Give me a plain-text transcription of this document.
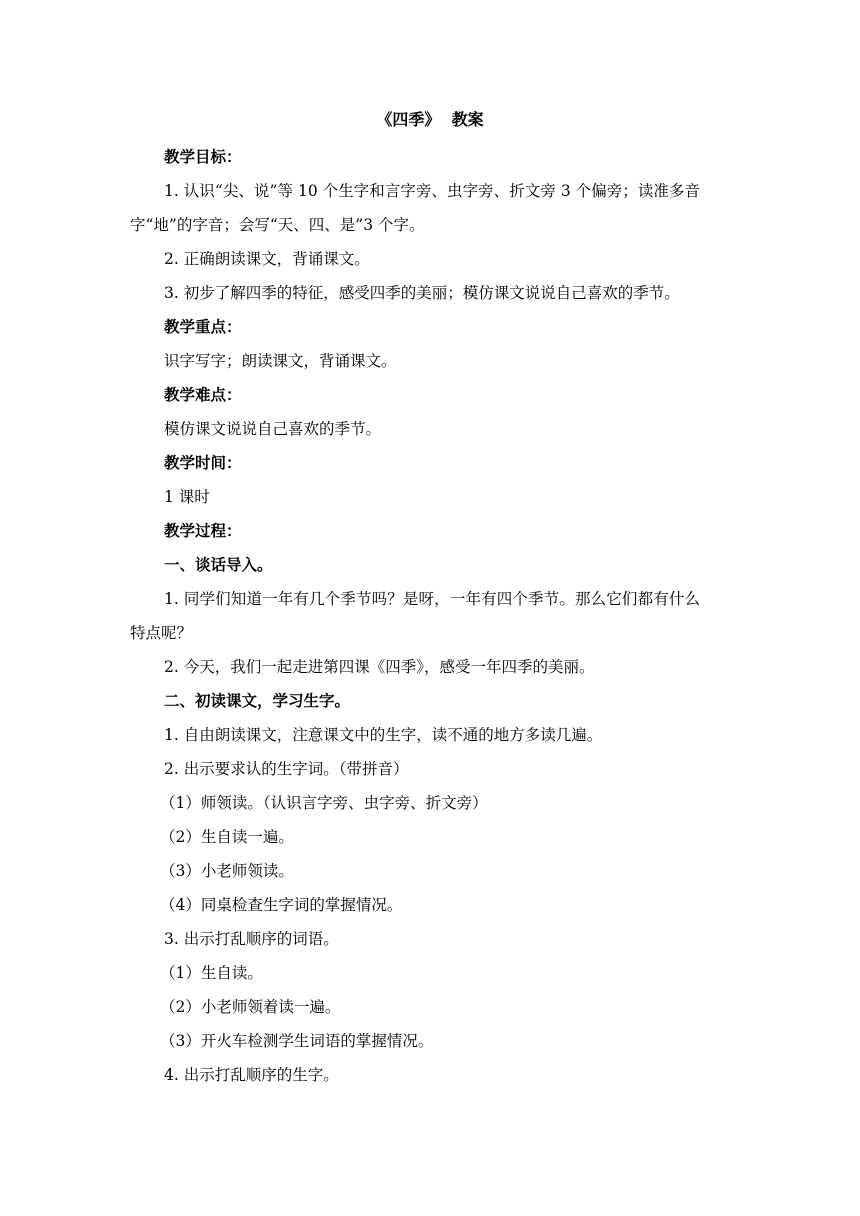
《四季》  教案
教学目标：
1. 认识“尖、说”等 10 个生字和言字旁、虫字旁、折文旁 3 个偏旁；读准多音字“地”的字音；会写“天、四、是”3 个字。
2. 正确朗读课文，背诵课文。
3. 初步了解四季的特征，感受四季的美丽；模仿课文说说自己喜欢的季节。
教学重点：
识字写字；朗读课文，背诵课文。
教学难点：
模仿课文说说自己喜欢的季节。
教学时间：
1 课时
教学过程：
一、谈话导入。
1. 同学们知道一年有几个季节吗？是呀，一年有四个季节。那么它们都有什么特点呢？
2. 今天，我们一起走进第四课《四季》，感受一年四季的美丽。
二、初读课文，学习生字。
1. 自由朗读课文，注意课文中的生字，读不通的地方多读几遍。
2. 出示要求认的生字词。（带拼音）
（1）师领读。（认识言字旁、虫字旁、折文旁）
（2）生自读一遍。
（3）小老师领读。
（4）同桌检查生字词的掌握情况。
3. 出示打乱顺序的词语。
（1）生自读。
（2）小老师领着读一遍。
（3）开火车检测学生词语的掌握情况。
4. 出示打乱顺序的生字。
